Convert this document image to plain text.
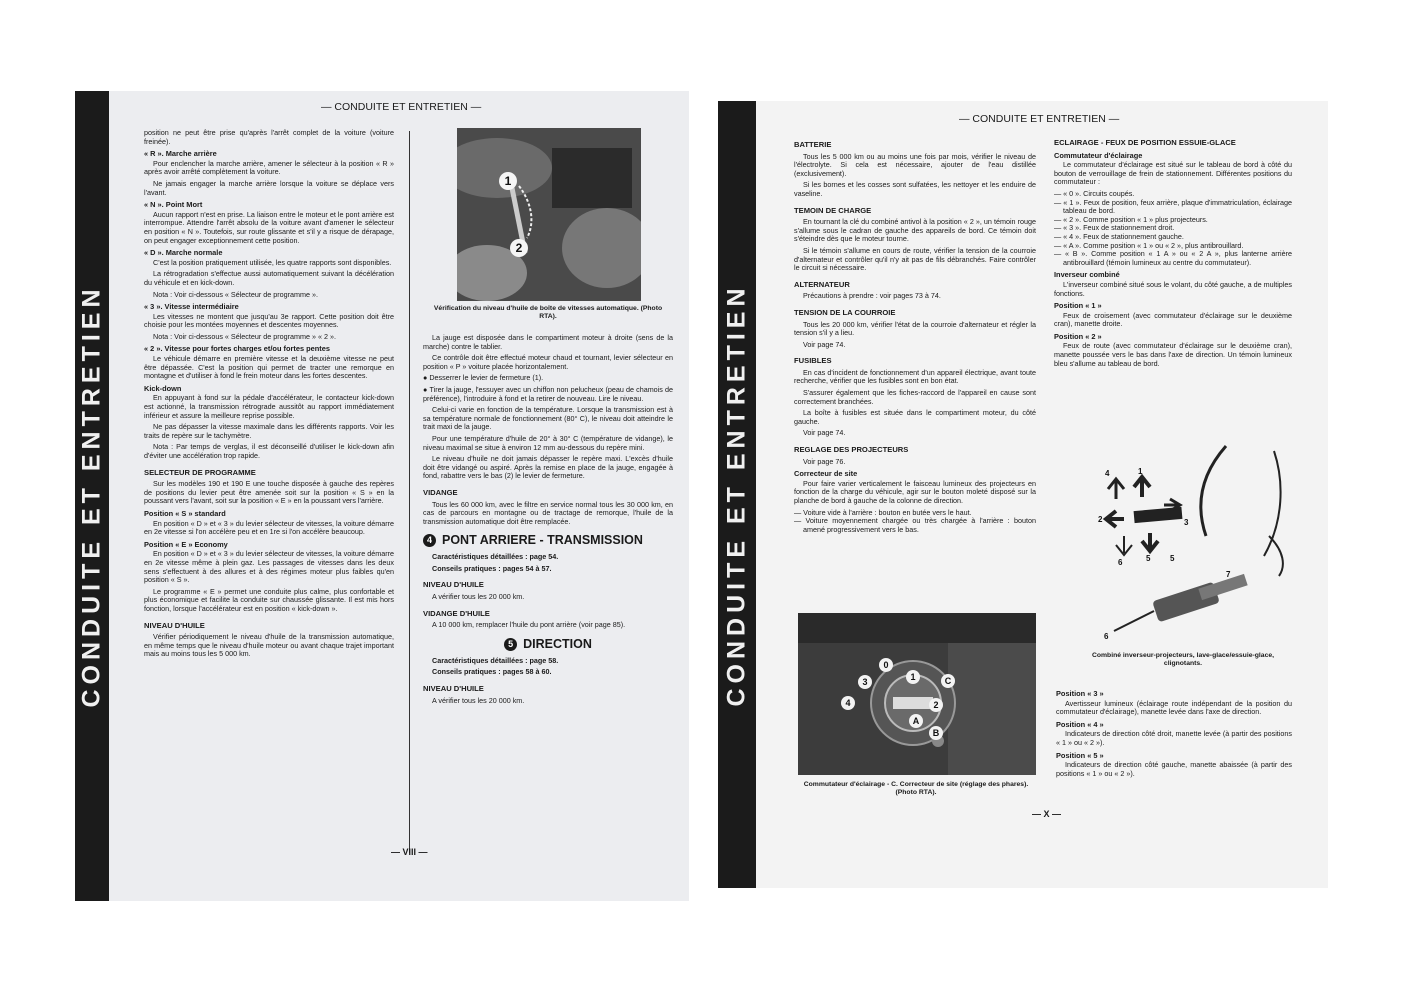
CONDUITE ET ENTRETIEN
— CONDUITE ET ENTRETIEN —

position ne peut être prise qu'après l'arrêt complet de la voiture (voiture freinée).

« R ». Marche arrière

Pour enclencher la marche arrière, amener le sélecteur à la position « R » après avoir arrêté complètement la voiture.

Ne jamais engager la marche arrière lorsque la voiture se déplace vers l'avant.

« N ». Point Mort

Aucun rapport n'est en prise. La liaison entre le moteur et le pont arrière est interrompue. Attendre l'arrêt absolu de la voiture avant d'amener le sélecteur en position « N ». Toutefois, sur route glissante et s'il y a risque de dérapage, on peut engager exceptionnement cette position.

« D ». Marche normale

C'est la position pratiquement utilisée, les quatre rapports sont disponibles.

La rétrogradation s'effectue aussi automatiquement suivant la décélération du véhicule et en kick-down.

Nota : Voir ci-dessous « Sélecteur de programme ».

« 3 ». Vitesse intermédiaire

Les vitesses ne montent que jusqu'au 3e rapport. Cette position doit être choisie pour les montées moyennes et descentes moyennes.

Nota : Voir ci-dessous « Sélecteur de programme » « 2 ».

« 2 ». Vitesse pour fortes charges et/ou fortes pentes

Le véhicule démarre en première vitesse et la deuxième vitesse ne peut être dépassée. C'est la position qui permet de tracter une remorque en montagne et d'utiliser à fond le frein moteur dans les fortes descentes.

Kick-down

En appuyant à fond sur la pédale d'accélérateur, le contacteur kick-down est actionné, la transmission rétrograde aussitôt au rapport immédiatement inférieur et assure la meilleure reprise possible.

Ne pas dépasser la vitesse maximale dans les différents rapports. Voir les traits de repère sur le tachymètre.

Nota : Par temps de verglas, il est déconseillé d'utiliser le kick-down afin d'éviter une accélération trop rapide.

SELECTEUR DE PROGRAMME

Sur les modèles 190 et 190 E une touche disposée à gauche des repères de positions du levier peut être amenée soit sur la position « S » en la poussant vers l'avant, soit sur la position « E » en la poussant vers l'arrière.

Position « S » standard

En position « D » et « 3 » du levier sélecteur de vitesses, la voiture démarre en 2e vitesse si l'on accélère peu et en 1re si l'on accélère beaucoup.

Position « E » Economy

En position « D » et « 3 » du levier sélecteur de vitesses, la voiture démarre en 2e vitesse même à plein gaz. Les passages de vitesses dans les deux sens s'effectuent à des allures et à des régimes moteur plus faibles qu'en position « S ».

Le programme « E » permet une conduite plus calme, plus confortable et plus économique et facilite la conduite sur chaussée glissante. Il est mis hors fonction, lorsque l'accélérateur est en position « kick-down ».

NIVEAU D'HUILE

Vérifier périodiquement le niveau d'huile de la transmission automatique, en même temps que le niveau d'huile moteur ou avant chaque trajet important mais au moins tous les 5 000 km.

1
2
Vérification du niveau d'huile de boîte de vitesses automatique. (Photo RTA).

La jauge est disposée dans le compartiment moteur à droite (sens de la marche) contre le tablier.

Ce contrôle doit être effectué moteur chaud et tournant, levier sélecteur en position « P » voiture placée horizontalement.

● Desserrer le levier de fermeture (1).

● Tirer la jauge, l'essuyer avec un chiffon non pelucheux (peau de chamois de préférence), l'introduire à fond et la retirer de nouveau. Lire le niveau.

Celui-ci varie en fonction de la température. Lorsque la transmission est à sa température normale de fonctionnement (80° C), le niveau doit atteindre le trait maxi de la jauge.

Pour une température d'huile de 20° à 30° C (température de vidange), le niveau maximal se situe à environ 12 mm au-dessous du repère mini.

Le niveau d'huile ne doit jamais dépasser le repère maxi. L'excès d'huile doit être vidangé ou aspiré. Après la remise en place de la jauge, engagée à fond, rabattre vers le bas (2) le levier de fermeture.

VIDANGE

Tous les 60 000 km, avec le filtre en service normal tous les 30 000 km, en cas de parcours en montagne ou de tractage de remorque, l'huile de la transmission automatique doit être remplacée.

4 PONT ARRIERE - TRANSMISSION

Caractéristiques détaillées : page 54.

Conseils pratiques : pages 54 à 57.

NIVEAU D'HUILE

A vérifier tous les 20 000 km.

VIDANGE D'HUILE

A 10 000 km, remplacer l'huile du pont arrière (voir page 85).

5 DIRECTION

Caractéristiques détaillées : page 58.

Conseils pratiques : pages 58 à 60.

NIVEAU D'HUILE

A vérifier tous les 20 000 km.

— VIII —
CONDUITE ET ENTRETIEN
— CONDUITE ET ENTRETIEN —
BATTERIE

Tous les 5 000 km ou au moins une fois par mois, vérifier le niveau de l'électrolyte. Si cela est nécessaire, ajouter de l'eau distillée (exclusivement).

Si les bornes et les cosses sont sulfatées, les nettoyer et les enduire de vaseline.

TEMOIN DE CHARGE

En tournant la clé du combiné antivol à la position « 2 », un témoin rouge s'allume sous le cadran de gauche des appareils de bord. Ce témoin doit s'éteindre dès que le moteur tourne.

Si le témoin s'allume en cours de route, vérifier la tension de la courroie d'alternateur et contrôler qu'il n'y ait pas de fils débranchés. Faire contrôler le circuit si nécessaire.

ALTERNATEUR

Précautions à prendre : voir pages 73 à 74.

TENSION DE LA COURROIE

Tous les 20 000 km, vérifier l'état de la courroie d'alternateur et régler la tension s'il y a lieu.

Voir page 74.

FUSIBLES

En cas d'incident de fonctionnement d'un appareil électrique, avant toute recherche, vérifier que les fusibles sont en bon état.

S'assurer également que les fiches-raccord de l'appareil en cause sont correctement branchées.

La boîte à fusibles est située dans le compartiment moteur, du côté gauche.

Voir page 74.

REGLAGE DES PROJECTEURS

Voir page 76.

Correcteur de site

Pour faire varier verticalement le faisceau lumineux des projecteurs en fonction de la charge du véhicule, agir sur le bouton moleté disposé sur la planche de bord à gauche de la colonne de direction.

— Voiture vide à l'arrière : bouton en butée vers le haut.
— Voiture moyennement chargée ou très chargée à l'arrière : bouton amené progressivement vers le bas.
0
1
2
3
4
A
B
C
Commutateur d'éclairage - C. Correcteur de site (réglage des phares). (Photo RTA).
ECLAIRAGE - FEUX DE POSITION ESSUIE-GLACE
Commutateur d'éclairage

Le commutateur d'éclairage est situé sur le tableau de bord à côté du bouton de verrouillage de frein de stationnement. Différentes positions du commutateur :

— « 0 ». Circuits coupés.
— « 1 ». Feux de position, feux arrière, plaque d'immatriculation, éclairage tableau de bord.
— « 2 ». Comme position « 1 » plus projecteurs.
— « 3 ». Feux de stationnement droit.
— « 4 ». Feux de stationnement gauche.
— « A ». Comme position « 1 » ou « 2 », plus antibrouillard.
— « B ». Comme position « 1 A » ou « 2 A », plus lanterne arrière antibrouillard (témoin lumineux au centre du commutateur).
Inverseur combiné

L'inverseur combiné situé sous le volant, du côté gauche, a de multiples fonctions.

Position « 1 »

Feux de croisement (avec commutateur d'éclairage sur le deuxième cran), manette droite.

Position « 2 »

Feux de route (avec commutateur d'éclairage sur le deuxième cran), manette poussée vers le bas dans l'axe de direction. Un témoin lumineux bleu s'allume au tableau de bord.

4	1
2	3
6	5 5
6
7
Combiné inverseur-projecteurs, lave-glace/essuie-glace, clignotants.
Position « 3 »

Avertisseur lumineux (éclairage route indépendant de la position du commutateur d'éclairage), manette levée dans l'axe de direction.

Position « 4 »

Indicateurs de direction côté droit, manette levée (à partir des positions « 1 » ou « 2 »).

Position « 5 »

Indicateurs de direction côté gauche, manette abaissée (à partir des positions « 1 » ou « 2 »).

— X —
